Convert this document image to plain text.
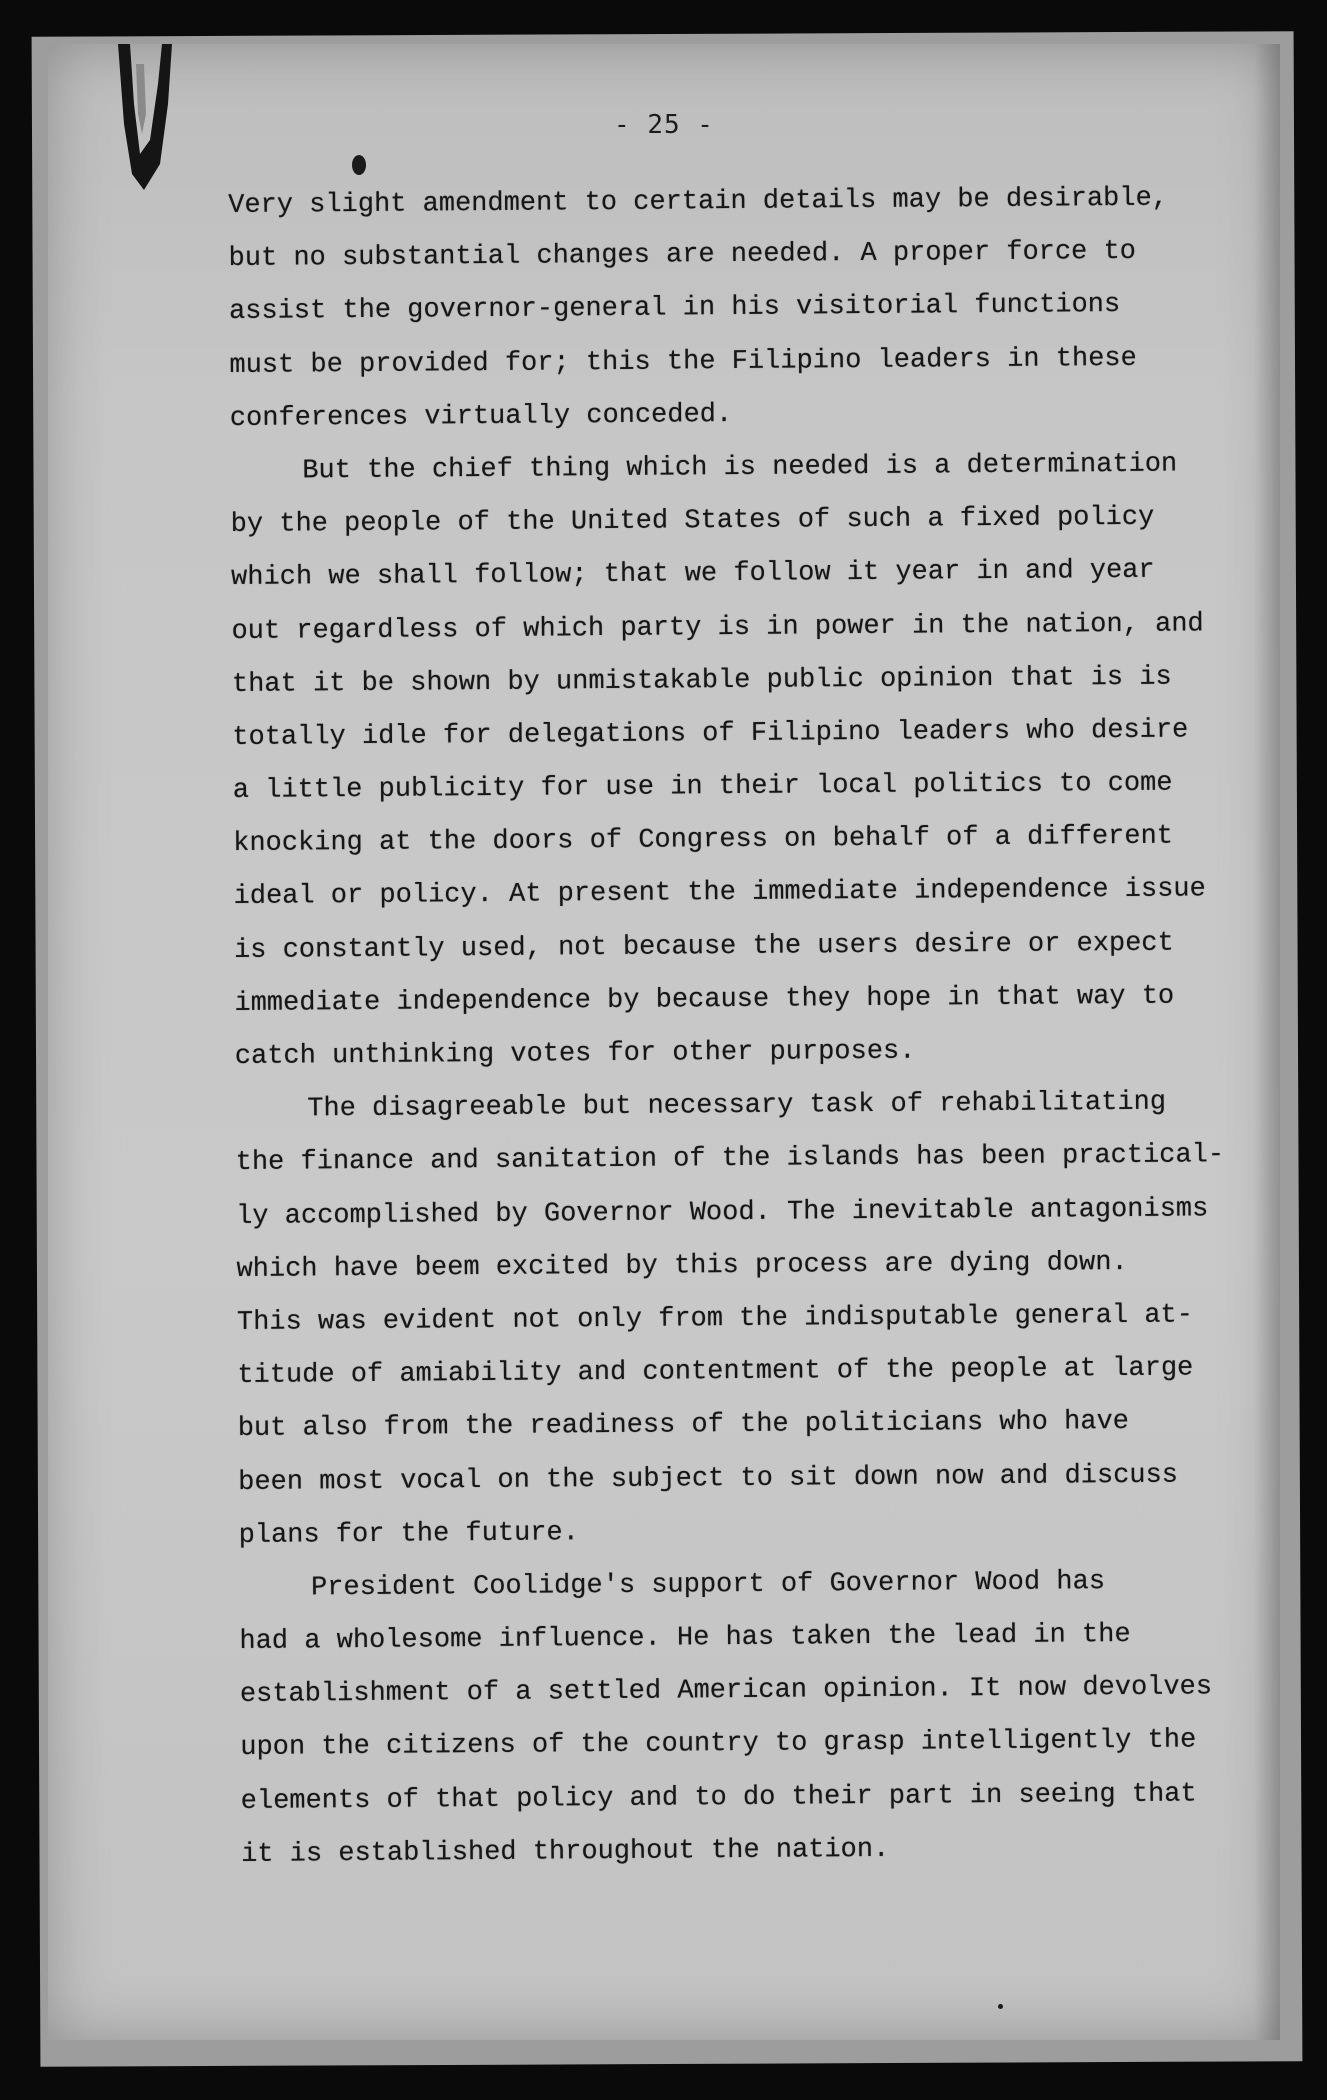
- 25 -
Very slight amendment to certain details may be desirable,
but no substantial changes are needed. A proper force to
assist the governor-general in his visitorial functions
must be provided for; this the Filipino leaders in these
conferences virtually conceded.
But the chief thing which is needed is a determination
by the people of the United States of such a fixed policy
which we shall follow; that we follow it year in and year
out regardless of which party is in power in the nation, and
that it be shown by unmistakable public opinion that is is
totally idle for delegations of Filipino leaders who desire
a little publicity for use in their local politics to come
knocking at the doors of Congress on behalf of a different
ideal or policy. At present the immediate independence issue
is constantly used, not because the users desire or expect
immediate independence by because they hope in that way to
catch unthinking votes for other purposes.
The disagreeable but necessary task of rehabilitating
the finance and sanitation of the islands has been practical-
ly accomplished by Governor Wood. The inevitable antagonisms
which have beem excited by this process are dying down.
This was evident not only from the indisputable general at-
titude of amiability and contentment of the people at large
but also from the readiness of the politicians who have
been most vocal on the subject to sit down now and discuss
plans for the future.
President Coolidge's support of Governor Wood has
had a wholesome influence. He has taken the lead in the
establishment of a settled American opinion. It now devolves
upon the citizens of the country to grasp intelligently the
elements of that policy and to do their part in seeing that
it is established throughout the nation.
